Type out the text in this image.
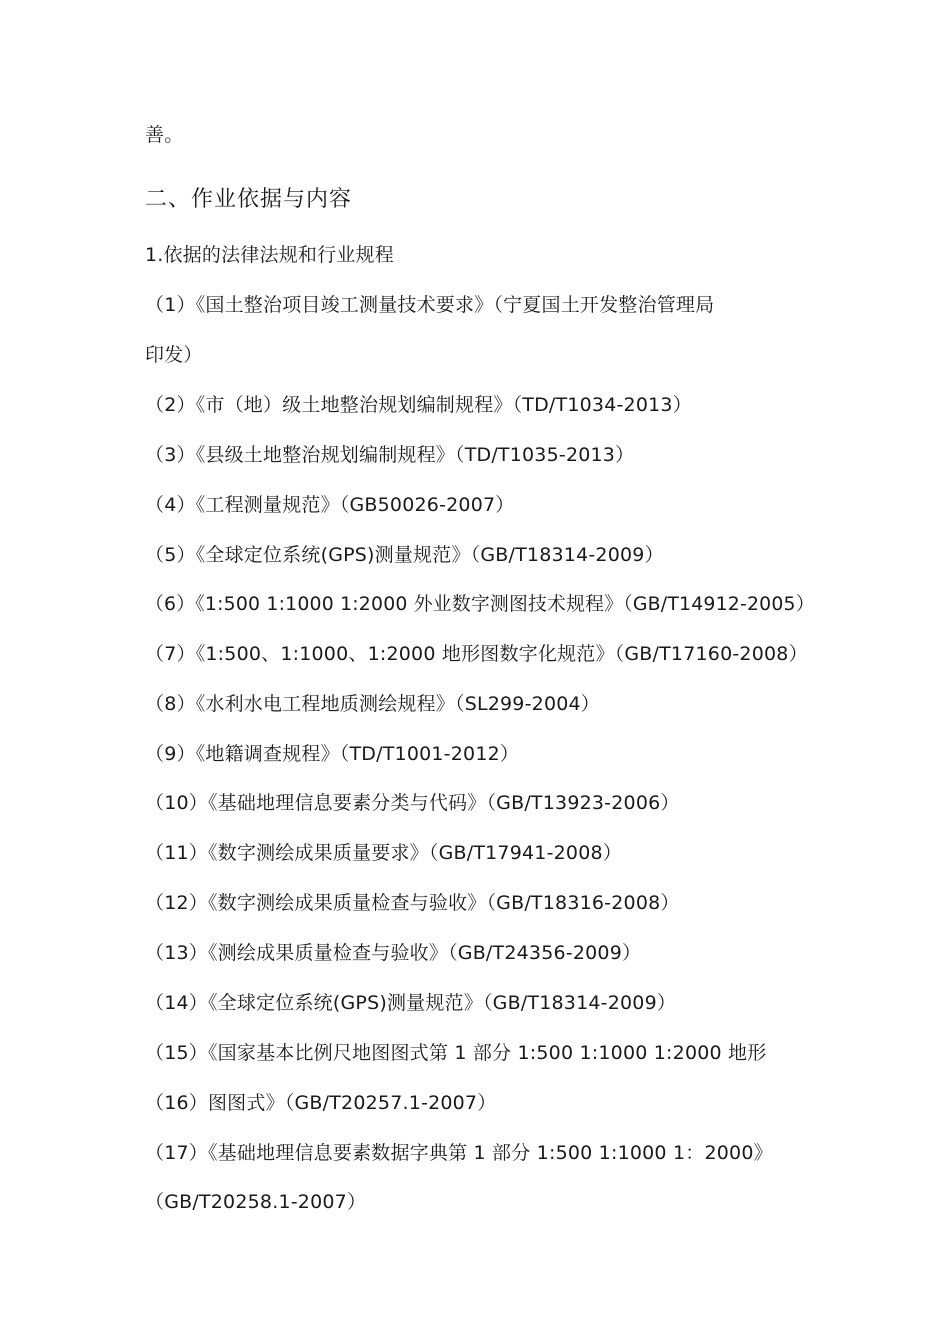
善。
二、作业依据与内容
1.依据的法律法规和行业规程
（1）《国土整治项目竣工测量技术要求》（宁夏国土开发整治管理局
印发）
（2）《市（地）级土地整治规划编制规程》（TD/T1034-2013）
（3）《县级土地整治规划编制规程》（TD/T1035-2013）
（4）《工程测量规范》（GB50026-2007）
（5）《全球定位系统(GPS)测量规范》（GB/T18314-2009）
（6）《1:500 1:1000 1:2000 外业数字测图技术规程》（GB/T14912-2005）
（7）《1:500、1:1000、1:2000 地形图数字化规范》（GB/T17160-2008）
（8）《水利水电工程地质测绘规程》（SL299-2004）
（9）《地籍调查规程》（TD/T1001-2012）
（10）《基础地理信息要素分类与代码》（GB/T13923-2006）
（11）《数字测绘成果质量要求》（GB/T17941-2008）
（12）《数字测绘成果质量检查与验收》（GB/T18316-2008）
（13）《测绘成果质量检查与验收》（GB/T24356-2009）
（14）《全球定位系统(GPS)测量规范》（GB/T18314-2009）
（15）《国家基本比例尺地图图式第 1 部分 1:500 1:1000 1:2000 地形
（16）图图式》（GB/T20257.1-2007）
（17）《基础地理信息要素数据字典第 1 部分 1:500 1:1000 1：2000》
（GB/T20258.1-2007）
